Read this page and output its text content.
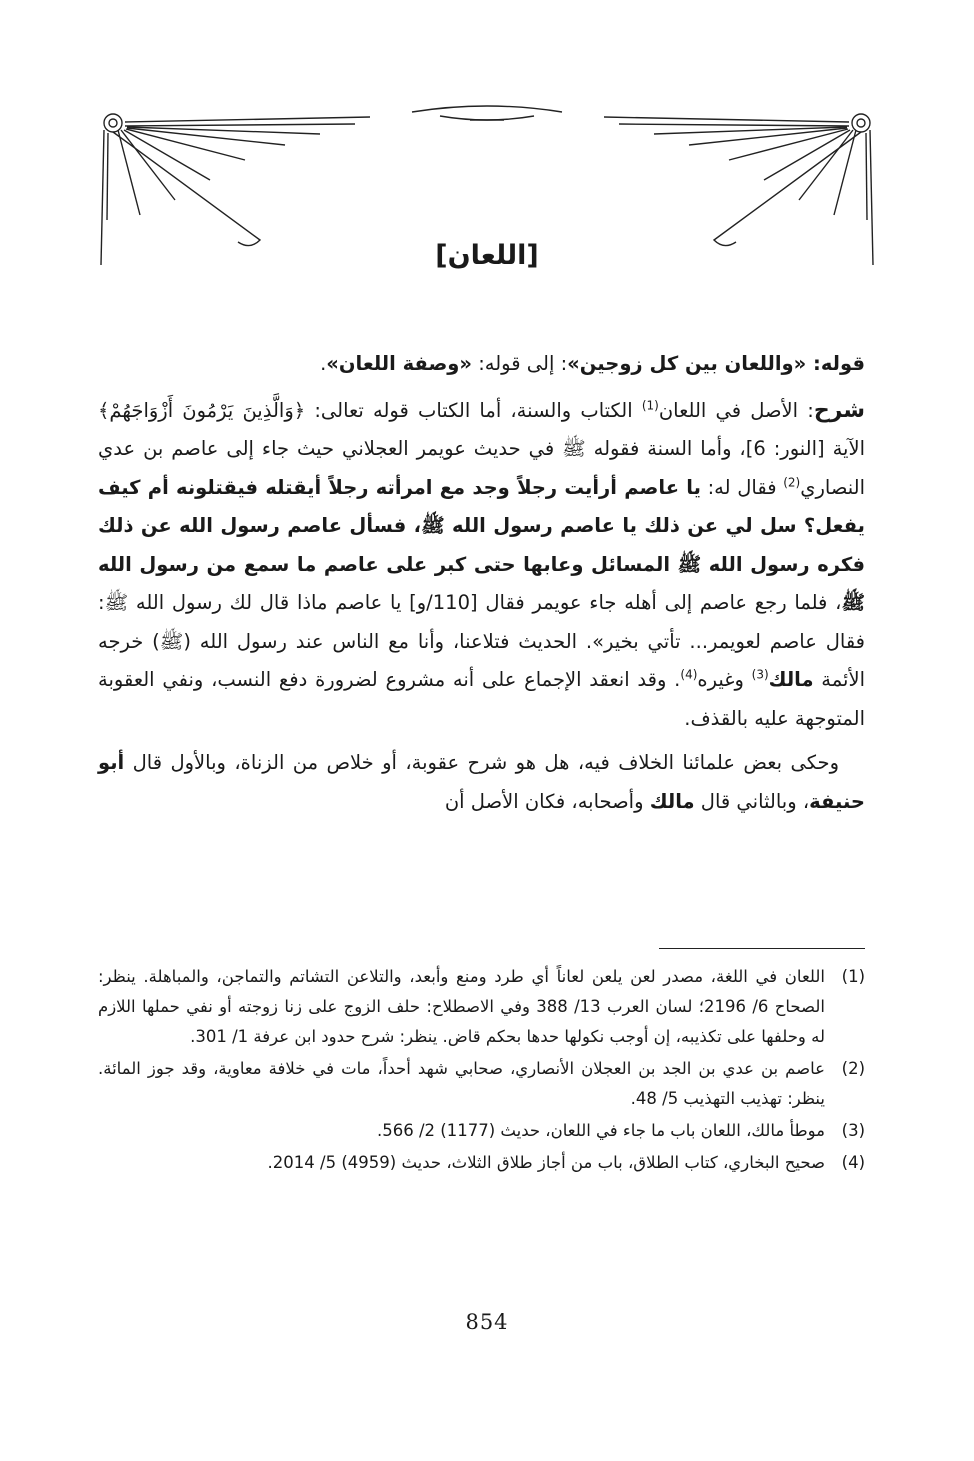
[اللعان]

قوله: «واللعان بين كل زوجين»: إلى قوله: «وصفة اللعان».

شرح: الأصل في اللعان$^{(1)}$ الكتاب والسنة، أما الكتاب قوله تعالى: ﴿وَالَّذِينَ يَرْمُونَ أَزْوَاجَهُمْ﴾ الآية [النور: 6]، وأما السنة فقوله ﷺ في حديث عويمر العجلاني حيث جاء إلى عاصم بن عدي النصاري$^{(2)}$ فقال له: يا عاصم أرأيت رجلاً وجد مع امرأته رجلاً أيقتله فيقتلونه أم كيف يفعل؟ سل لي عن ذلك يا عاصم رسول الله ﷺ، فسأل عاصم رسول الله عن ذلك فكره رسول الله ﷺ المسائل وعابها حتى كبر على عاصم ما سمع من رسول الله ﷺ، فلما رجع عاصم إلى أهله جاء عويمر فقال [110/و] يا عاصم ماذا قال لك رسول الله ﷺ: فقال عاصم لعويمر... تأتي بخير». الحديث فتلاعنا، وأنا مع الناس عند رسول الله (ﷺ) خرجه الأئمة مالك$^{(3)}$ وغيره$^{(4)}$. وقد انعقد الإجماع على أنه مشروع لضرورة دفع النسب، ونفي العقوبة المتوجهة عليه بالقذف.

وحكى بعض علمائنا الخلاف فيه، هل هو شرح عقوبة، أو خلاص من الزناة، وبالأول قال أبو حنيفة، وبالثاني قال مالك وأصحابه، فكان الأصل أن

(1)
اللعان في اللغة، مصدر لعن يلعن لعاناً أي طرد ومنع وأبعد، والتلاعن التشاتم والتماجن، والمباهلة. ينظر: الصحاح 6/ 2196؛ لسان العرب 13/ 388 وفي الاصطلاح: حلف الزوج على زنا زوجته أو نفي حملها اللازم له وحلفها على تكذيبه، إن أوجب نكولها حدها بحكم قاض. ينظر: شرح حدود ابن عرفة 1/ 301.
(2)
عاصم بن عدي بن الجد بن العجلان الأنصاري، صحابي شهد أحداً، مات في خلافة معاوية، وقد جوز المائة. ينظر: تهذيب التهذيب 5/ 48.
(3)
موطأ مالك، اللعان باب ما جاء في اللعان، حديث (1177) 2/ 566.
(4)
صحيح البخاري، كتاب الطلاق، باب من أجاز طلاق الثلاث، حديث (4959) 5/ 2014.
854
